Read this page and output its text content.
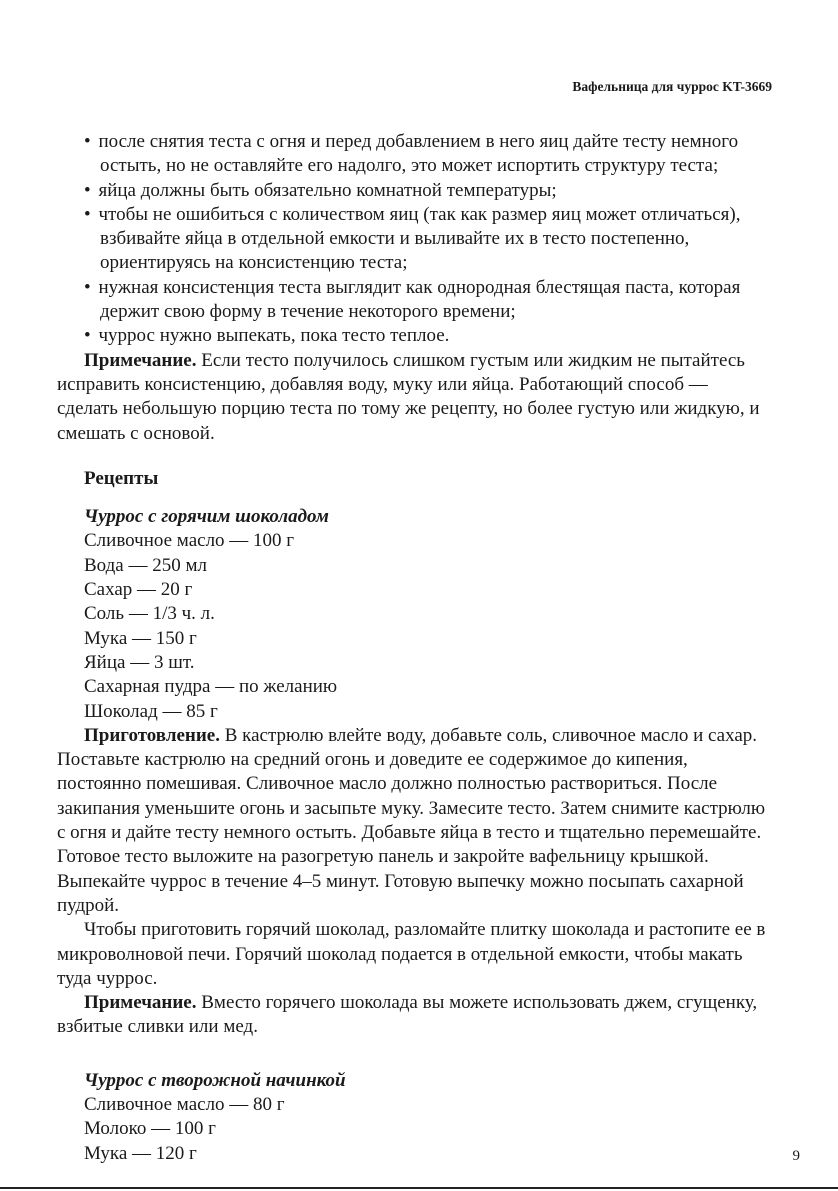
Вафельница для чуррос KT-3669
• после снятия теста с огня и перед добавлением в него яиц дайте тесту немного остыть, но не оставляйте его надолго, это может испортить структуру теста;
• яйца должны быть обязательно комнатной температуры;
• чтобы не ошибиться с количеством яиц (так как размер яиц может отличаться), взбивайте яйца в отдельной емкости и выливайте их в тесто постепенно, ориентируясь на консистенцию теста;
• нужная консистенция теста выглядит как однородная блестящая паста, которая держит свою форму в течение некоторого времени;
• чуррос нужно выпекать, пока тесто теплое.

Примечание. Если тесто получилось слишком густым или жидким не пытайтесь исправить консистенцию, добавляя воду, муку или яйца. Работающий способ — сделать небольшую порцию теста по тому же рецепту, но более густую или жидкую, и смешать с основой.

Рецепты

Чуррос с горячим шоколадом

Сливочное масло — 100 г
Вода — 250 мл
Сахар — 20 г
Соль — 1/3 ч. л.
Мука — 150 г
Яйца — 3 шт.
Сахарная пудра — по желанию
Шоколад — 85 г

Приготовление. В кастрюлю влейте воду, добавьте соль, сливочное масло и сахар. Поставьте кастрюлю на средний огонь и доведите ее содержимое до кипения, постоянно помешивая. Сливочное масло должно полностью раствориться. После закипания уменьшите огонь и засыпьте муку. Замесите тесто. Затем снимите кастрюлю с огня и дайте тесту немного остыть. Добавьте яйца в тесто и тщательно перемешайте. Готовое тесто выложите на разогретую панель и закройте вафельницу крышкой. Выпекайте чуррос в течение 4–5 минут. Готовую выпечку можно посыпать сахарной пудрой.

Чтобы приготовить горячий шоколад, разломайте плитку шоколада и растопите ее в микроволновой печи. Горячий шоколад подается в отдельной емкости, чтобы макать туда чуррос.

Примечание. Вместо горячего шоколада вы можете использовать джем, сгущенку, взбитые сливки или мед.

Чуррос с творожной начинкой

Сливочное масло — 80 г
Молоко — 100 г
Мука — 120 г	9
